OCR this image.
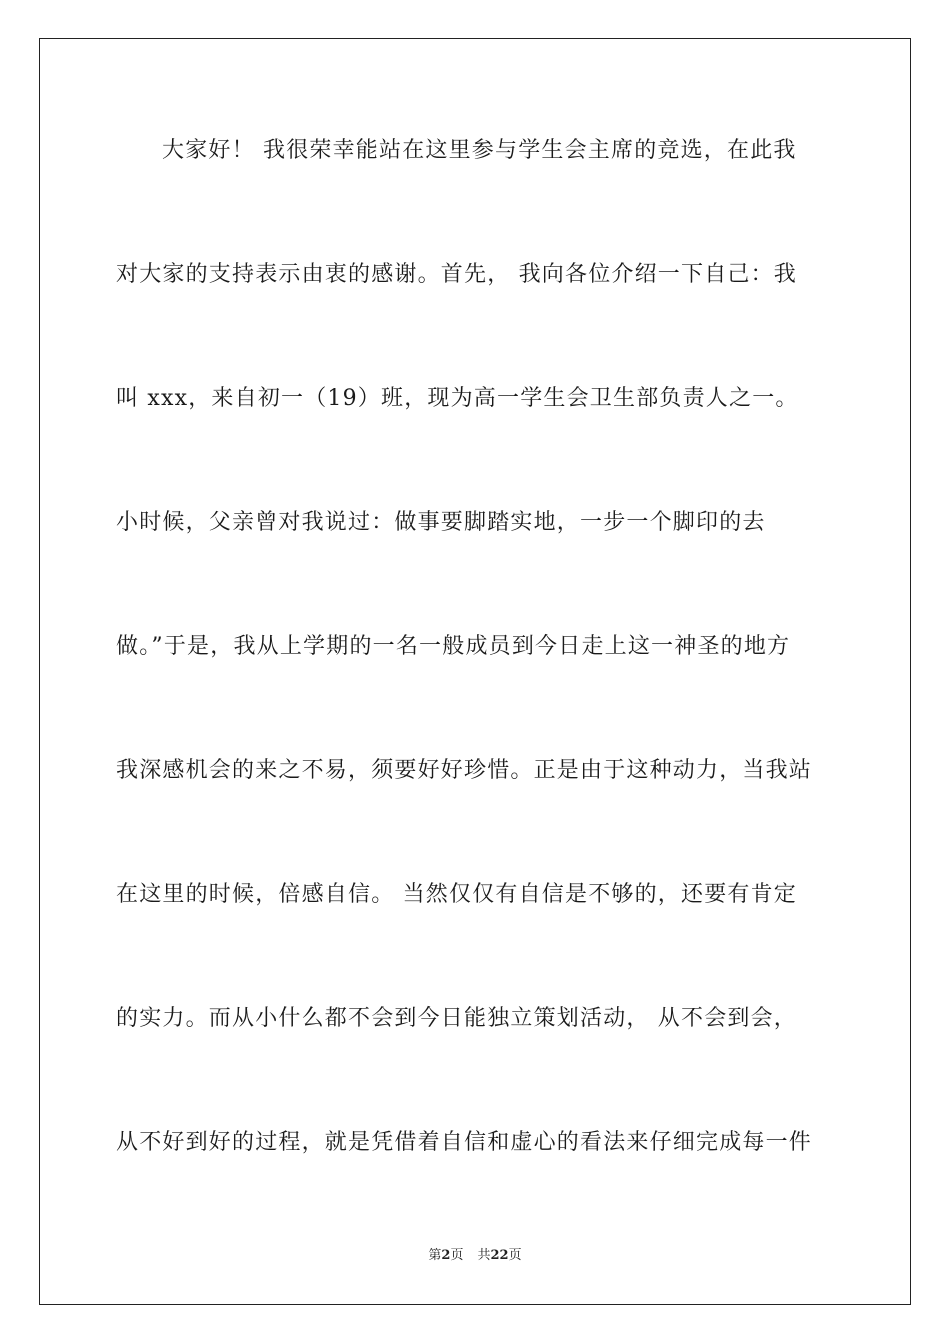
大家好！ 我很荣幸能站在这里参与学生会主席的竞选，在此我
对大家的支持表示由衷的感谢。首先， 我向各位介绍一下自己：我
叫 xxx，来自初一（19）班，现为高一学生会卫生部负责人之一。
小时候，父亲曾对我说过：做事要脚踏实地，一步一个脚印的去
做。”于是，我从上学期的一名一般成员到今日走上这一神圣的地方
我深感机会的来之不易，须要好好珍惜。正是由于这种动力，当我站
在这里的时候，倍感自信。 当然仅仅有自信是不够的，还要有肯定
的实力。而从小什么都不会到今日能独立策划活动， 从不会到会，
从不好到好的过程，就是凭借着自信和虚心的看法来仔细完成每一件
第2页 共22页
